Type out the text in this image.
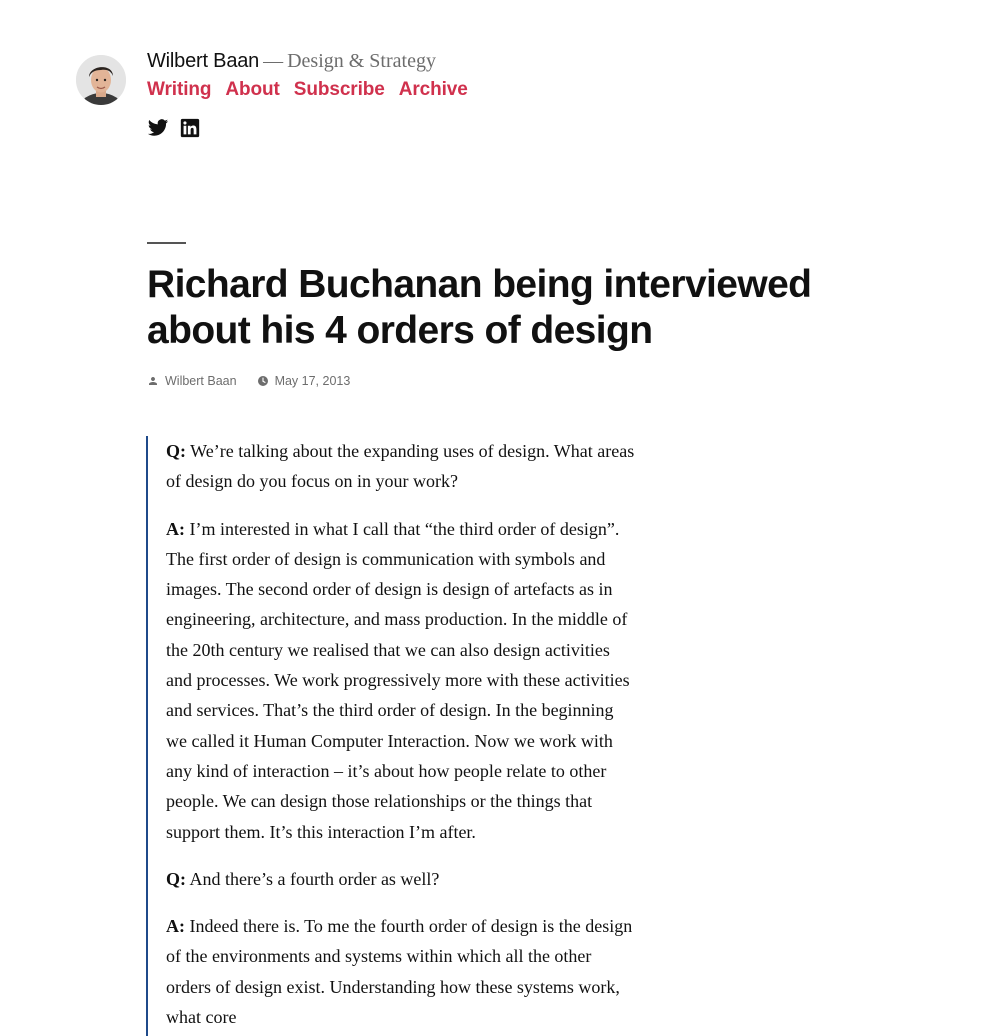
Wilbert Baan — Design & Strategy
Writing About Subscribe Archive
Richard Buchanan being interviewed about his 4 orders of design
Wilbert Baan	May 17, 2013

Q: We’re talking about the expanding uses of design. What areas of design do you focus on in your work?

A: I’m interested in what I call that “the third order of design”. The first order of design is communication with symbols and images. The second order of design is design of artefacts as in engineering, architecture, and mass production. In the middle of the 20th century we realised that we can also design activities and processes. We work progressively more with these activities and services. That’s the third order of design. In the beginning we called it Human Computer Interaction. Now we work with any kind of interaction – it’s about how people relate to other people. We can design those relationships or the things that support them. It’s this interaction I’m after.

Q: And there’s a fourth order as well?

A: Indeed there is. To me the fourth order of design is the design of the environments and systems within which all the other orders of design exist. Understanding how these systems work, what core
